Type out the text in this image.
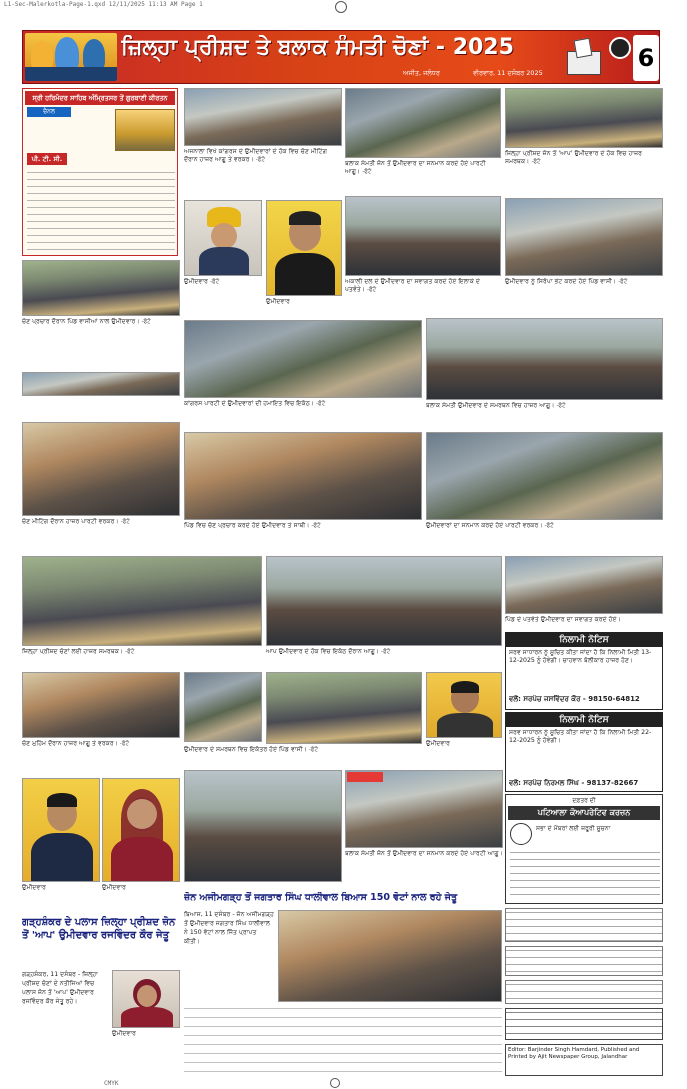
L1-Sec-Malerkotla-Page-1.qxd 12/11/2025 11:13 AM Page 1
ਜ਼ਿਲ੍ਹਾ ਪ੍ਰੀਸ਼ਦ ਤੇ ਬਲਾਕ ਸੰਮਤੀ ਚੋਣਾਂ - 2025
ਅਜੀਤ, ਜਲੰਧਰ	ਵੀਰਵਾਰ, 11 ਦਸੰਬਰ 2025
6
ਸ੍ਰੀ ਹਰਿਮੰਦਰ ਸਾਹਿਬ ਅੰਮ੍ਰਿਤਸਰ ਤੋਂ ਗੁਰਬਾਣੀ ਕੀਰਤਨ
ਚੈਨਲ
ਪੀ. ਟੀ. ਸੀ.
ਅਜਨਾਲਾ ਵਿਖੇ ਕਾਂਗਰਸ ਦੇ ਉਮੀਦਵਾਰਾਂ ਦੇ ਹੱਕ ਵਿਚ ਚੋਣ ਮੀਟਿੰਗ ਦੌਰਾਨ ਹਾਜ਼ਰ ਆਗੂ ਤੇ ਵਰਕਰ। -ਫੋਟੋ	ਬਲਾਕ ਸੰਮਤੀ ਜ਼ੋਨ ਤੋਂ ਉਮੀਦਵਾਰ ਦਾ ਸਨਮਾਨ ਕਰਦੇ ਹੋਏ ਪਾਰਟੀ ਆਗੂ। -ਫੋਟੋ
ਜ਼ਿਲ੍ਹਾ ਪ੍ਰੀਸ਼ਦ ਜ਼ੋਨ ਤੋਂ 'ਆਪ' ਉਮੀਦਵਾਰ ਦੇ ਹੱਕ ਵਿਚ ਹਾਜ਼ਰ ਸਮਰਥਕ। -ਫੋਟੋ
ਉਮੀਦਵਾਰ -ਫੋਟੋ
ਉਮੀਦਵਾਰ
ਅਕਾਲੀ ਦਲ ਦੇ ਉਮੀਦਵਾਰ ਦਾ ਸਵਾਗਤ ਕਰਦੇ ਹੋਏ ਇਲਾਕੇ ਦੇ ਪਤਵੰਤੇ। -ਫੋਟੋ
ਉਮੀਦਵਾਰ ਨੂੰ ਸਿਰੋਪਾ ਭੇਟ ਕਰਦੇ ਹੋਏ ਪਿੰਡ ਵਾਸੀ। -ਫੋਟੋ
ਚੋਣ ਪ੍ਰਚਾਰ ਦੌਰਾਨ ਪਿੰਡ ਵਾਸੀਆਂ ਨਾਲ ਉਮੀਦਵਾਰ। -ਫੋਟੋ
ਕਾਂਗਰਸ ਪਾਰਟੀ ਦੇ ਉਮੀਦਵਾਰਾਂ ਦੀ ਹਮਾਇਤ ਵਿਚ ਇਕੱਠ। -ਫੋਟੋ	ਬਲਾਕ ਸੰਮਤੀ ਉਮੀਦਵਾਰ ਦੇ ਸਮਰਥਨ ਵਿਚ ਹਾਜ਼ਰ ਆਗੂ। -ਫੋਟੋ
ਚੋਣ ਮੀਟਿੰਗ ਦੌਰਾਨ ਹਾਜ਼ਰ ਪਾਰਟੀ ਵਰਕਰ। -ਫੋਟੋ	ਪਿੰਡ ਵਿਚ ਚੋਣ ਪ੍ਰਚਾਰ ਕਰਦੇ ਹੋਏ ਉਮੀਦਵਾਰ ਤੇ ਸਾਥੀ। -ਫੋਟੋ	ਉਮੀਦਵਾਰਾਂ ਦਾ ਸਨਮਾਨ ਕਰਦੇ ਹੋਏ ਪਾਰਟੀ ਵਰਕਰ। -ਫੋਟੋ
ਜ਼ਿਲ੍ਹਾ ਪ੍ਰੀਸ਼ਦ ਚੋਣਾਂ ਲਈ ਹਾਜ਼ਰ ਸਮਰਥਕ। -ਫੋਟੋ	ਆਪ ਉਮੀਦਵਾਰ ਦੇ ਹੱਕ ਵਿਚ ਇਕੱਠ ਦੌਰਾਨ ਆਗੂ। -ਫੋਟੋ
ਪਿੰਡ ਦੇ ਪਤਵੰਤੇ ਉਮੀਦਵਾਰ ਦਾ ਸਵਾਗਤ ਕਰਦੇ ਹੋਏ।
ਨਿਲਾਮੀ ਨੋਟਿਸ
ਸਰਵ ਸਾਧਾਰਨ ਨੂੰ ਸੂਚਿਤ ਕੀਤਾ ਜਾਂਦਾ ਹੈ ਕਿ ਨਿਲਾਮੀ ਮਿਤੀ 13-12-2025 ਨੂੰ ਹੋਵੇਗੀ। ਚਾਹਵਾਨ ਬੋਲੀਕਾਰ ਹਾਜ਼ਰ ਹੋਣ।
ਵਲੋਂ: ਸਰਪੰਚ ਜਸਵਿੰਦਰ ਕੌਰ - 98150-64812
ਚੋਣ ਮੁਹਿੰਮ ਦੌਰਾਨ ਹਾਜ਼ਰ ਆਗੂ ਤੇ ਵਰਕਰ। -ਫੋਟੋ
ਉਮੀਦਵਾਰ ਦੇ ਸਮਰਥਨ ਵਿਚ ਇਕੱਤਰ ਹੋਏ ਪਿੰਡ ਵਾਸੀ। -ਫੋਟੋ
ਉਮੀਦਵਾਰ
ਨਿਲਾਮੀ ਨੋਟਿਸ
ਸਰਵ ਸਾਧਾਰਨ ਨੂੰ ਸੂਚਿਤ ਕੀਤਾ ਜਾਂਦਾ ਹੈ ਕਿ ਨਿਲਾਮੀ ਮਿਤੀ 22-12-2025 ਨੂੰ ਹੋਵੇਗੀ।
ਵਲੋਂ: ਸਰਪੰਚ ਨਿਰਮਲ ਸਿੰਘ - 98137-82667
ਉਮੀਦਵਾਰ	ਉਮੀਦਵਾਰ
ਬਲਾਕ ਸੰਮਤੀ ਜ਼ੋਨ ਤੋਂ ਉਮੀਦਵਾਰ ਦਾ ਸਨਮਾਨ ਕਰਦੇ ਹੋਏ ਪਾਰਟੀ ਆਗੂ।
ਦਫ਼ਤਰ ਦੀ
ਪਟਿਆਲਾ ਕੋਆਪਰੇਟਿਵ ਕਰਜ਼ਨ
ਸਭਾ ਦੇ ਮੈਂਬਰਾਂ ਲਈ ਜ਼ਰੂਰੀ ਸੂਚਨਾ
ਗੜ੍ਹਸ਼ੰਕਰ ਦੇ ਪਲਾਸ ਜ਼ਿਲ੍ਹਾ ਪ੍ਰੀਸ਼ਦ ਜ਼ੋਨ ਤੋਂ 'ਆਪ' ਉਮੀਦਵਾਰ ਰਜਵਿੰਦਰ ਕੌਰ ਜੇਤੂ
ਗੜ੍ਹਸ਼ੰਕਰ, 11 ਦਸੰਬਰ - ਜ਼ਿਲ੍ਹਾ ਪ੍ਰੀਸ਼ਦ ਚੋਣਾਂ ਦੇ ਨਤੀਜਿਆਂ ਵਿਚ ਪਲਾਸ ਜ਼ੋਨ ਤੋਂ 'ਆਪ' ਉਮੀਦਵਾਰ ਰਜਵਿੰਦਰ ਕੌਰ ਜੇਤੂ ਰਹੇ।
ਉਮੀਦਵਾਰ
ਜ਼ੋਨ ਅਜੀਮਗੜ੍ਹ ਤੋਂ ਜਗਤਾਰ ਸਿੰਘ ਧਾਲੀਵਾਲ ਬਿਆਸ 150 ਵੋਟਾਂ ਨਾਲ ਰਹੇ ਜੇਤੂ
ਬਿਆਸ, 11 ਦਸੰਬਰ - ਜ਼ੋਨ ਅਜੀਮਗੜ੍ਹ ਤੋਂ ਉਮੀਦਵਾਰ ਜਗਤਾਰ ਸਿੰਘ ਧਾਲੀਵਾਲ ਨੇ 150 ਵੋਟਾਂ ਨਾਲ ਜਿੱਤ ਪ੍ਰਾਪਤ ਕੀਤੀ।
Editor: Barjinder Singh Hamdard, Published and Printed by Ajit Newspaper Group, Jalandhar
CMYK
